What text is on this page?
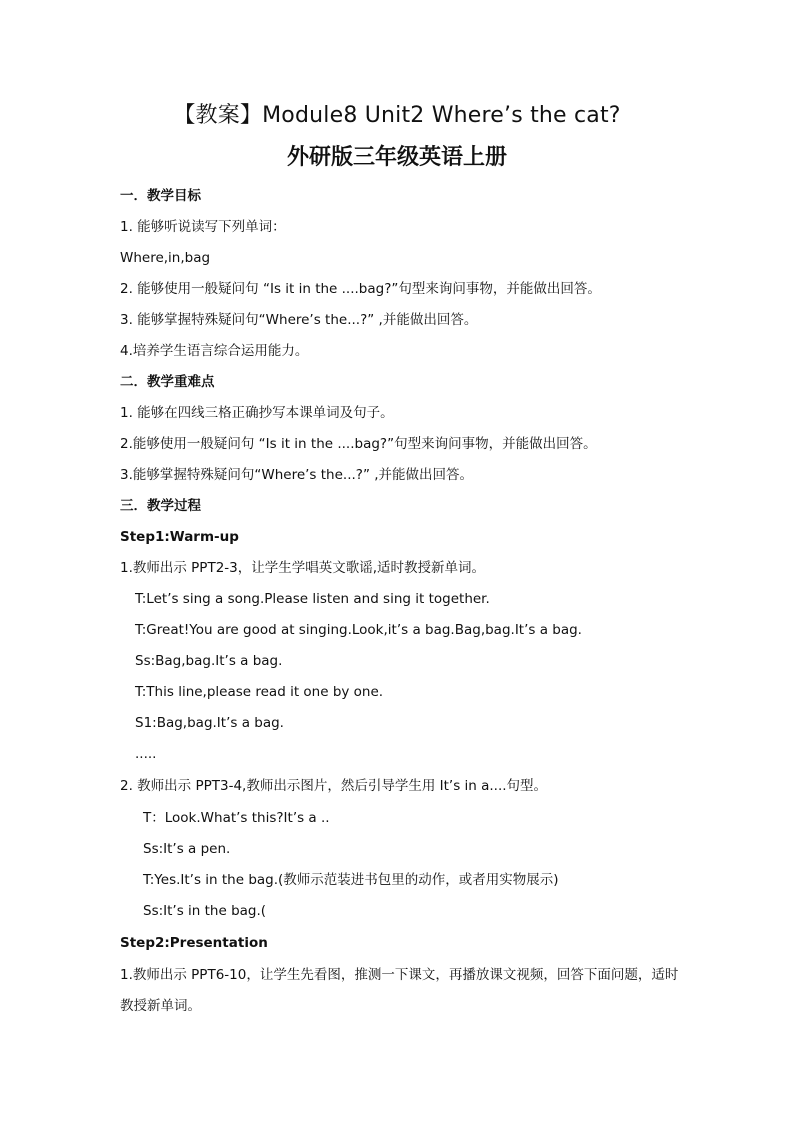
【教案】Module8 Unit2 Where’s the cat?
外研版三年级英语上册
一．教学目标
1. 能够听说读写下列单词：
Where,in,bag
2. 能够使用一般疑问句 “Is it in the ....bag?”句型来询问事物，并能做出回答。
3. 能够掌握特殊疑问句“Where’s the...?” ,并能做出回答。
4.培养学生语言综合运用能力。
二．教学重难点
1. 能够在四线三格正确抄写本课单词及句子。
2.能够使用一般疑问句 “Is it in the ....bag?”句型来询问事物，并能做出回答。
3.能够掌握特殊疑问句“Where’s the...?” ,并能做出回答。
三．教学过程
Step1:Warm-up
1.教师出示 PPT2-3，让学生学唱英文歌谣,适时教授新单词。
T:Let’s sing a song.Please listen and sing it together.
T:Great!You are good at singing.Look,it’s a bag.Bag,bag.It’s a bag.
Ss:Bag,bag.It’s a bag.
T:This line,please read it one by one.
S1:Bag,bag.It’s a bag.
.....
2. 教师出示 PPT3-4,教师出示图片，然后引导学生用 It’s in a....句型。
T：Look.What’s this?It’s a ..
Ss:It’s a pen.
T:Yes.It’s in the bag.(教师示范装进书包里的动作，或者用实物展示)
Ss:It’s in the bag.(
Step2:Presentation
1.教师出示 PPT6-10，让学生先看图，推测一下课文，再播放课文视频，回答下面问题，适时教授新单词。
